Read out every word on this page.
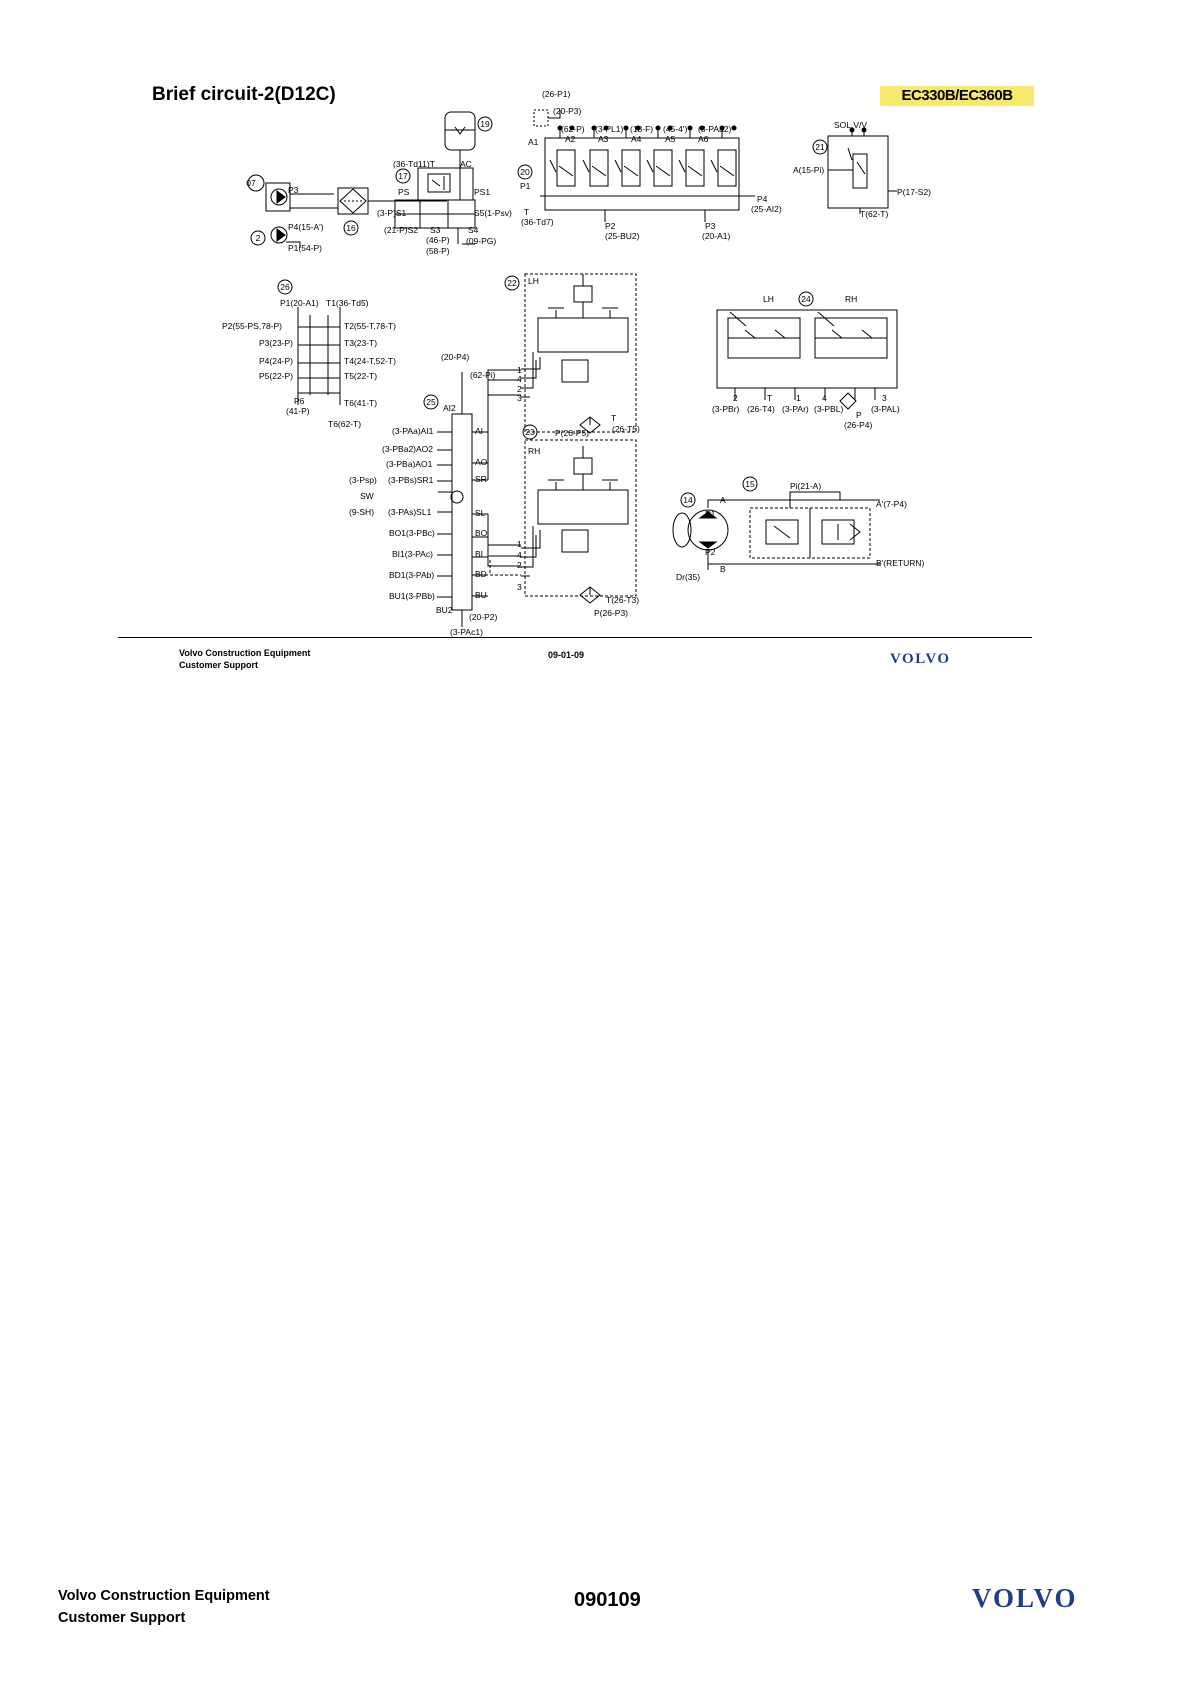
Brief circuit-2(D12C)	EC330B/EC360B
07
2
P3
P4(15-A')
P1(54-P)
16
17
19
20
21
(36-Td11)T	AC
PS	PS1
(3-P)S1
(21-P)S2 S3	S4
S5(1-Psv)
(46-P)
(58-P)
(09-PG)
(26-P1)
(20-P3)
(62-P) (3-PL1) (13-F) (45-4') (8-PAa2)
A1	A2	A3	A4	A5	A6
P1
T
(36-Td7)	P2
(25-BU2)
P3
(20-A1)
P4
(25-AI2)
SOL.V/V
A(15-Pi)
P(17-S2)
T(62-T)
26
P1(20-A1) T1(36-Td5)
P2(55-PS,78-P)	T2(55-T,78-T)
P3(23-P)	T3(23-T)
P4(24-P)	T4(24-T,52-T)
P5(22-P)	T5(22-T)
P6
(41-P)
T6(41-T)
T6(62-T)
25
(20-P4)
(62-Pi)
AI2
(3-PAa)AI1
(3-PBa2)AO2
(3-PBa)AO1
(3-PBs)SR1
(3-Psp)
SW
(9-SH) (3-PAs)SL1
BO1(3-PBc)
BI1(3-PAc)
BD1(3-PAb)
BU1(3-PBb)
BU2
(20-P2)
(3-PAc1)
AI
AO
SR
SL
BO
BI
BD
BU
22 LH
T
P(26-P5)	(26-T5)
1
4
2
3
23
RH
T(26-T3)
P(26-P3)
1
4
2
3
24
LH	RH
2	T	1	4
P
3
(3-PBr) (26-T4) (3-PAr) (3-PBL)	(3-PAL)
(26-P4)
14
15	Pi(21-A)
A	A'(7-P4)
P1
P2
B
B'(RETURN)
Dr(35)
Volvo Construction Equipment
Customer Support
09-01-09	VOLVO
Volvo Construction Equipment
Customer Support
090109	VOLVO
